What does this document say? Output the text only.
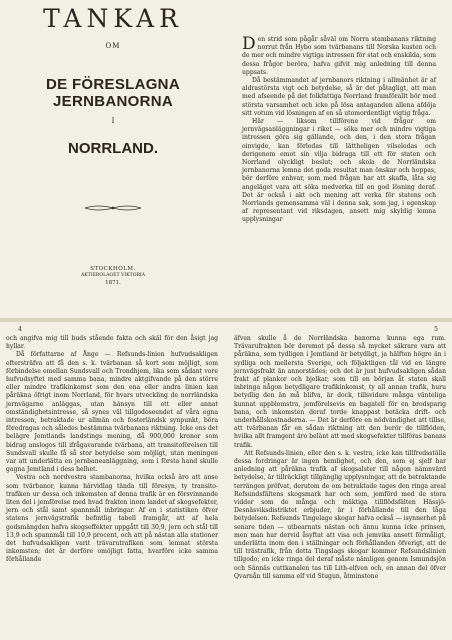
TANKAR
OM
DE FÖRESLAGNA JERNBANORNA
I
NORRLAND.
STOCKHOLM.
AKTIEBOLAGET VIKTORIA
1871.

Den strid som pågår såväl om Norra stambanans riktning norrut från Hybo som tvärbanans till Norska kusten och de mer och mindre vigtiga intressen för stat och enskilda, som dessa frågor beröra, hafva gifvit mig anledning till denna uppsats.

Då bestämmandet af jernbanors riktning i allmänhet är af aldrastörsta vigt och betydelse, så är det påtagligt, att man med afseende på det folkfattiga Norrland framförallt bör med största varsamhet och icke på lösa antaganden allena afdöja sitt votum vid lösningen af en så utomordentligt vigtig fråga.

Här — liksom tillförene vid frågor om jernvägsanläggningar i riket — söka mer och mindre vigtiga intressen göra sig gällande, och den, i den stora frågan oinvigde, kan förledas till lättheligen vilseledas och derigenom emot sin vilja bidraga till ett för staten och Norrland olyckligt beslut; och skola de Norrländska jernbanorna lemna det goda resultat man önskar och hoppas, bör derföre enhvar, som med frågan har att skaffa, låta sig angeläget vara att söka medverka till en god lösning deraf. Det är också i akt och mening att verka för statens och Norrlands gemensamma väl i denna sak, som jag, i egenskap af representant vid riksdagen, ansett mig skyldig lemna upplysningar

4

och angifva mig till buds stående fakta och skäl för den åsigt jag hyllar.

Då författarne af Ånge — Refsunds-linien hufvudsakligen eftersträfva att få den s. k. tvärbanan så kort som möjligt, som förbindelse emellan Sundsvall och Trondhjem, lika som sådant vore hufvudsyftet med samma bana, mindre aktgifvande på den större eller mindre trafikinkomst som den ena eller andra linien kan påräkna öfrigt inom Norrland, för hvars utveckling de norrländska jernvägarne anläggas, utan hänsyn till ett eller annat omständighetsintresse, så synes väl tillgodoseendet af våra egna intressen, betraktade ur allmän och fosterländsk synpunkt, böra föredragas och således bestämma tvärbanans riktning. Icke ens det belägre Jemtlands landstings mening, då 900,000 kronor som bidrag anslogos till ifrågavarande tvärbana, att transitoförelsen till Sundsvall skulle få så stor betydelse som möjligt, utan meningen var att underlätta en jernbaneanläggning, som i första hand skulle gagna Jemtland i dess helhet.

Vestra och nordvestra stambanorna, hvilka också äro att anse som tvärbanor, kunna härvidlag tända till föresyn, ty transito-trafiken ur dessa och inkomsten af denna trafik är en försvinnande liten del i jemförelse med hvad frakten inom landet af skogsefekter, jern och stål samt spannmål inbringar. Af en i statistiken öfver statens jernvägstrafik befintlig tabell framgår, att af hela godsmängden hafva skogseffekter uppgått till 30,9, jern och stål till 13,9 och spannmål till 10,9 procent, och att på nästan alla stationer det hufvudsakligen varit trävarutrafiken som lemnat största inkomsten; det är derföre omöjligt fatta, hvarföre icke samma förhållande

5

äfven skulle å de Norrländska banorna kunna ega rum. Trävarufrakten bör deremot på dessa så mycket säkrare vara att påräkna, som tydligen i Jemtland är betydligt, ja hälften högre än i sydliga och mellersta Sverige, och följaktligen tål vid en längre jernvägsfrakt än annorstädes; och det är just hufvudsakligen sådan frakt af plankor och bjelkar, som till en början åt staten skall inbringa någon betydligare trafikinkomst, ty all annan trafik, huru betydlig den än må blifva, är dock, tillsvidare många vänteliga kunnat uppblomstra, jemförelsevis en bagatell för en brodsparig bana, och inkomsten deraf torde knappast betäcka drift- och underhållskostnaderna. — Det är derföre en nödvändighet att tillse, att tvärbanan får en sådan riktning att den berör de tillflöden, hvilka allt framgent äro belänt att med skogsefekter tillföras banans trafik.

Att Refsunds-linien, eller den s. k. vestra, icke kan tillfredsställa dessa fordringar är ingen hemlighet, och den, som ej sjelf har anledning att påräkna trafik af skogsalster till någon nämnvärd betydelse, är tillräckligt tillgänglig upplysningar, att de betraktande terrängen pröfvat, derutom de om betraktade tages den ringa areal Refsundsfältens skogsmark har och som, jemförd med de stora vidder som de många och mäktiga tillflödsfälten Hässjö-Desnäsviksdistriktet erbjuder, är i förhållande till den låga betydelsen. Refsunds Tingelage skogar hafva också — isynnerhet på senare tiden — utbearnats nästan och ännu kunna icke prinsen, men man har dervid åsyftat att visa och jemvika ansett förmåligt, underlätta inom den i ställningar och förhållanden öfverigt, att de till trästrafik, från detta Tingslags skogar kommer Refsundslinien tillgodo; en icke ringa del deraf måste nämligen genom Ismundsjön och Sännäs cuttkanalen tas till Lith-elfven och, en annan del öfver Qvarnån till samma elf vid Stugun, åtminstone
